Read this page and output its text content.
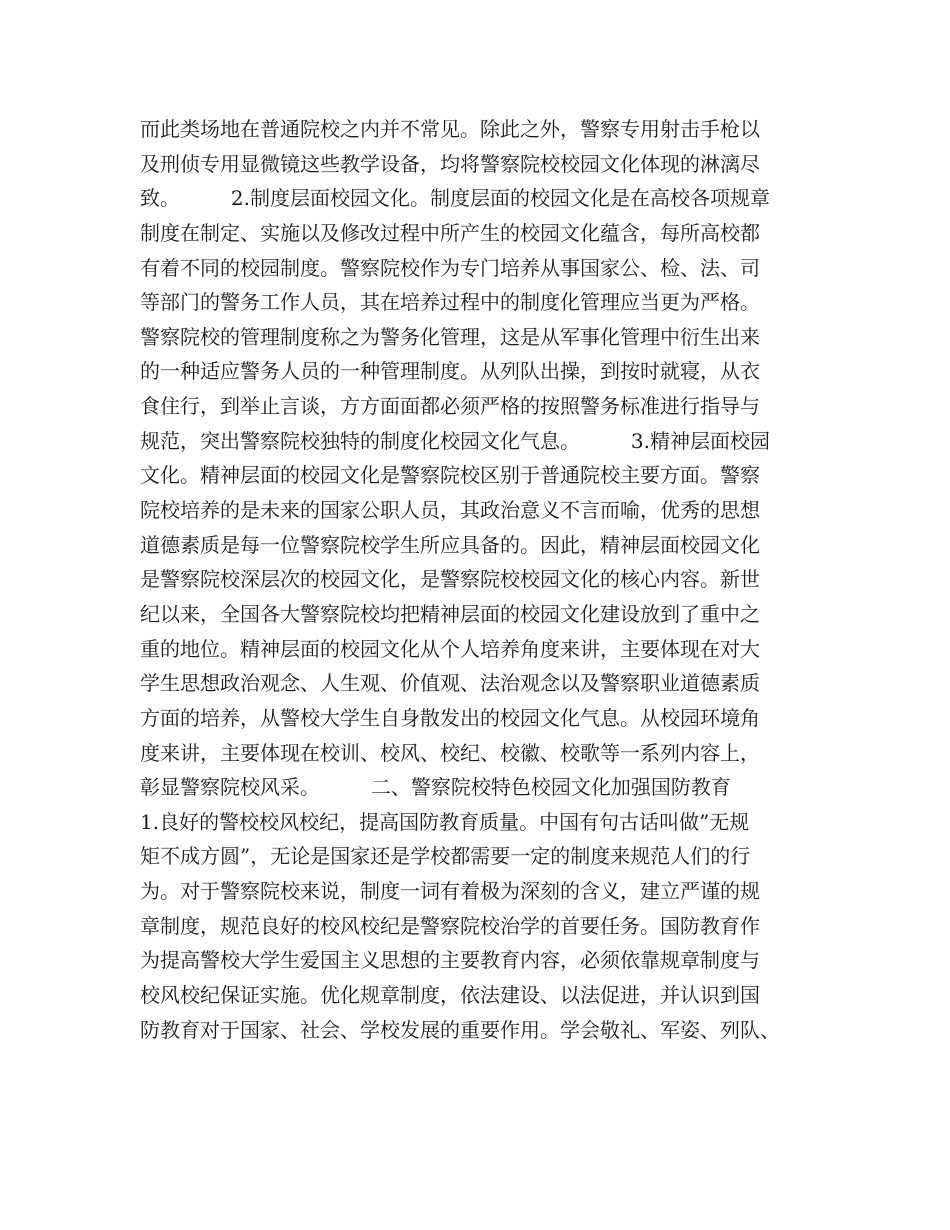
而此类场地在普通院校之内并不常见。除此之外，警察专用射击手枪以
及刑侦专用显微镜这些教学设备，均将警察院校校园文化体现的淋漓尽
致。        2.制度层面校园文化。制度层面的校园文化是在高校各项规章
制度在制定、实施以及修改过程中所产生的校园文化蕴含，每所高校都
有着不同的校园制度。警察院校作为专门培养从事国家公、检、法、司
等部门的警务工作人员，其在培养过程中的制度化管理应当更为严格。
警察院校的管理制度称之为警务化管理，这是从军事化管理中衍生出来
的一种适应警务人员的一种管理制度。从列队出操，到按时就寝，从衣
食住行，到举止言谈，方方面面都必须严格的按照警务标准进行指导与
规范，突出警察院校独特的制度化校园文化气息。        3.精神层面校园
文化。精神层面的校园文化是警察院校区别于普通院校主要方面。警察
院校培养的是未来的国家公职人员，其政治意义不言而喻，优秀的思想
道德素质是每一位警察院校学生所应具备的。因此，精神层面校园文化
是警察院校深层次的校园文化，是警察院校校园文化的核心内容。新世
纪以来，全国各大警察院校均把精神层面的校园文化建设放到了重中之
重的地位。精神层面的校园文化从个人培养角度来讲，主要体现在对大
学生思想政治观念、人生观、价值观、法治观念以及警察职业道德素质
方面的培养，从警校大学生自身散发出的校园文化气息。从校园环境角
度来讲，主要体现在校训、校风、校纪、校徽、校歌等一系列内容上，
彰显警察院校风采。        二、警察院校特色校园文化加强国防教育
1.良好的警校校风校纪，提高国防教育质量。中国有句古话叫做”无规
矩不成方圆”，无论是国家还是学校都需要一定的制度来规范人们的行
为。对于警察院校来说，制度一词有着极为深刻的含义，建立严谨的规
章制度，规范良好的校风校纪是警察院校治学的首要任务。国防教育作
为提高警校大学生爱国主义思想的主要教育内容，必须依靠规章制度与
校风校纪保证实施。优化规章制度，依法建设、以法促进，并认识到国
防教育对于国家、社会、学校发展的重要作用。学会敬礼、军姿、列队、
